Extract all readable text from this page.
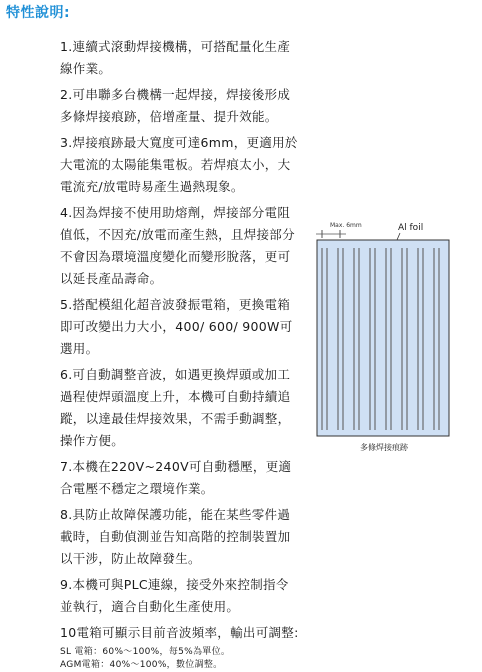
特性說明:
1.連續式滾動焊接機構，可搭配量化生產線作業。
2.可串聯多台機構一起焊接，焊接後形成多條焊接痕跡，倍增產量、提升效能。
3.焊接痕跡最大寬度可達6mm，更適用於大電流的太陽能集電板。若焊痕太小，大電流充/放電時易產生過熱現象。
4.因為焊接不使用助熔劑，焊接部分電阻值低，不因充/放電而產生熱，且焊接部分不會因為環境溫度變化而變形脫落，更可以延長產品壽命。
5.搭配模組化超音波發振電箱，更換電箱即可改變出力大小，400/ 600/ 900W可選用。
6.可自動調整音波，如遇更換焊頭或加工過程使焊頭溫度上升，本機可自動持續追蹤，以達最佳焊接效果，不需手動調整，操作方便。
7.本機在220V~240V可自動穩壓，更適合電壓不穩定之環境作業。
8.具防止故障保護功能，能在某些零件過載時，自動偵測並告知高階的控制裝置加以干涉，防止故障發生。
9.本機可與PLC連線，接受外來控制指令並執行，適合自動化生產使用。
10電箱可顯示目前音波頻率，輸出可調整:
SL 電箱：60%～100%，每5%為單位。
AGM電箱：40%～100%，數位調整。
Max. 6mm	Al foil
多條焊接痕跡
